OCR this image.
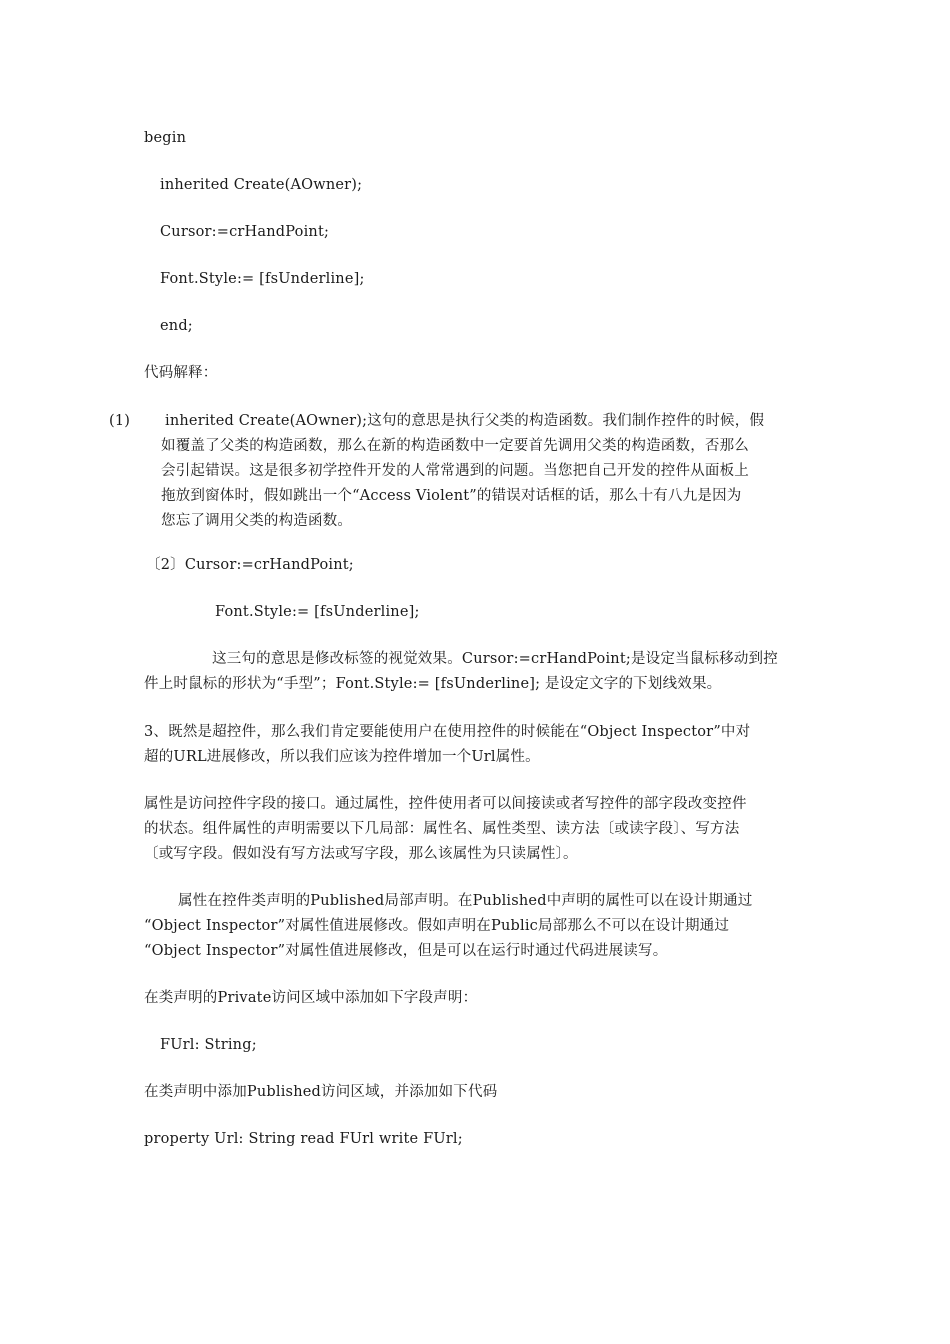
begin
inherited Create(AOwner);
Cursor:=crHandPoint;
Font.Style:= [fsUnderline];
end;
代码解释：
(1) inherited Create(AOwner);这句的意思是执行父类的构造函数。我们制作控件的时候，假
如覆盖了父类的构造函数，那么在新的构造函数中一定要首先调用父类的构造函数，否那么
会引起错误。这是很多初学控件开发的人常常遇到的问题。当您把自己开发的控件从面板上
拖放到窗体时，假如跳出一个“Access Violent”的错误对话框的话，那么十有八九是因为
您忘了调用父类的构造函数。
〔2〕Cursor:=crHandPoint;
Font.Style:= [fsUnderline];
这三句的意思是修改标签的视觉效果。Cursor:=crHandPoint;是设定当鼠标移动到控
件上时鼠标的形状为“手型”；Font.Style:= [fsUnderline]; 是设定文字的下划线效果。
3、既然是超控件，那么我们肯定要能使用户在使用控件的时候能在“Object Inspector”中对
超的URL进展修改，所以我们应该为控件增加一个Url属性。
属性是访问控件字段的接口。通过属性，控件使用者可以间接读或者写控件的部字段改变控件
的状态。组件属性的声明需要以下几局部：属性名、属性类型、读方法〔或读字段〕、写方法
〔或写字段。假如没有写方法或写字段，那么该属性为只读属性〕。
属性在控件类声明的Published局部声明。在Published中声明的属性可以在设计期通过
“Object Inspector”对属性值进展修改。假如声明在Public局部那么不可以在设计期通过
“Object Inspector”对属性值进展修改，但是可以在运行时通过代码进展读写。
在类声明的Private访问区域中添加如下字段声明：
FUrl: String;
在类声明中添加Published访问区域，并添加如下代码
property Url: String read FUrl write FUrl;
